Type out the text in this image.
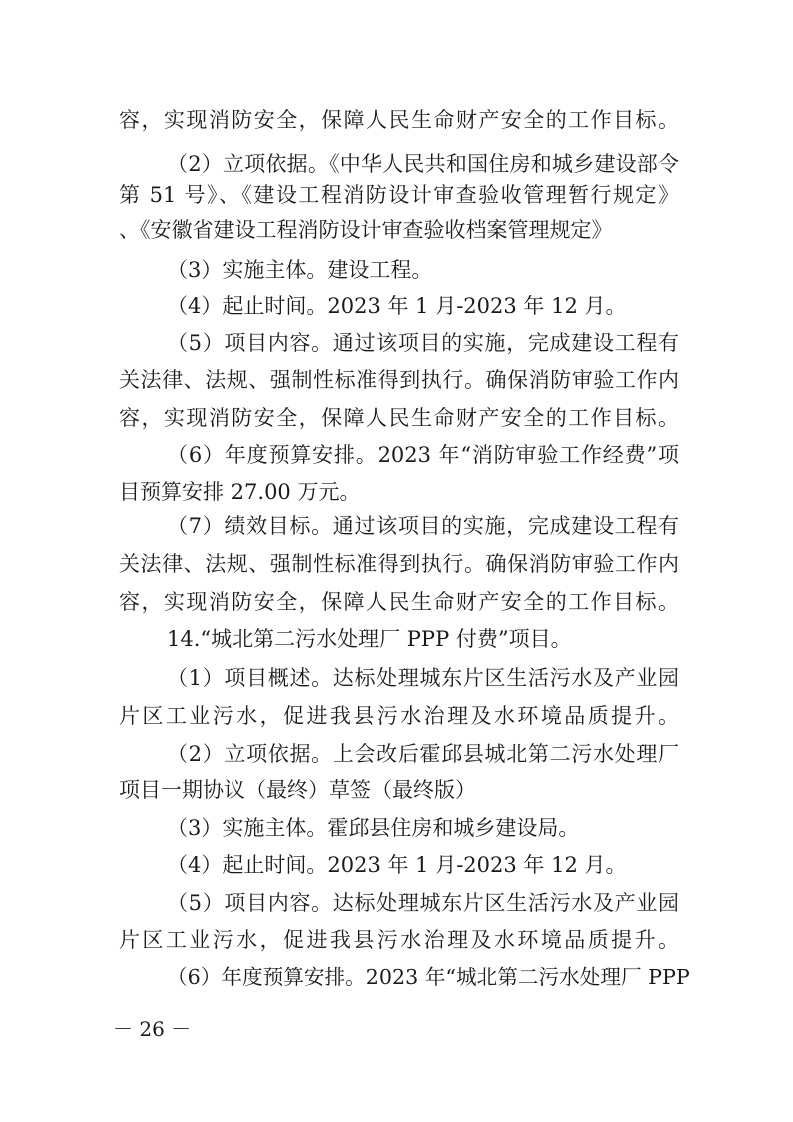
容，实现消防安全，保障人民生命财产安全的工作目标。
（2）立项依据。《中华人民共和国住房和城乡建设部令
第 51 号》、《建设工程消防设计审查验收管理暂行规定》
、《安徽省建设工程消防设计审查验收档案管理规定》
（3）实施主体。建设工程。
（4）起止时间。2023 年 1 月-2023 年 12 月。
（5）项目内容。通过该项目的实施，完成建设工程有
关法律、法规、强制性标准得到执行。确保消防审验工作内
容，实现消防安全，保障人民生命财产安全的工作目标。
（6）年度预算安排。2023 年“消防审验工作经费”项
目预算安排 27.00 万元。
（7）绩效目标。通过该项目的实施，完成建设工程有
关法律、法规、强制性标准得到执行。确保消防审验工作内
容，实现消防安全，保障人民生命财产安全的工作目标。
14.“城北第二污水处理厂 PPP 付费”项目。
（1）项目概述。达标处理城东片区生活污水及产业园
片区工业污水，促进我县污水治理及水环境品质提升。
（2）立项依据。上会改后霍邱县城北第二污水处理厂
项目一期协议（最终）草签（最终版）
（3）实施主体。霍邱县住房和城乡建设局。
（4）起止时间。2023 年 1 月-2023 年 12 月。
（5）项目内容。达标处理城东片区生活污水及产业园
片区工业污水，促进我县污水治理及水环境品质提升。
（6）年度预算安排。2023 年“城北第二污水处理厂 PPP
－ 26 －
